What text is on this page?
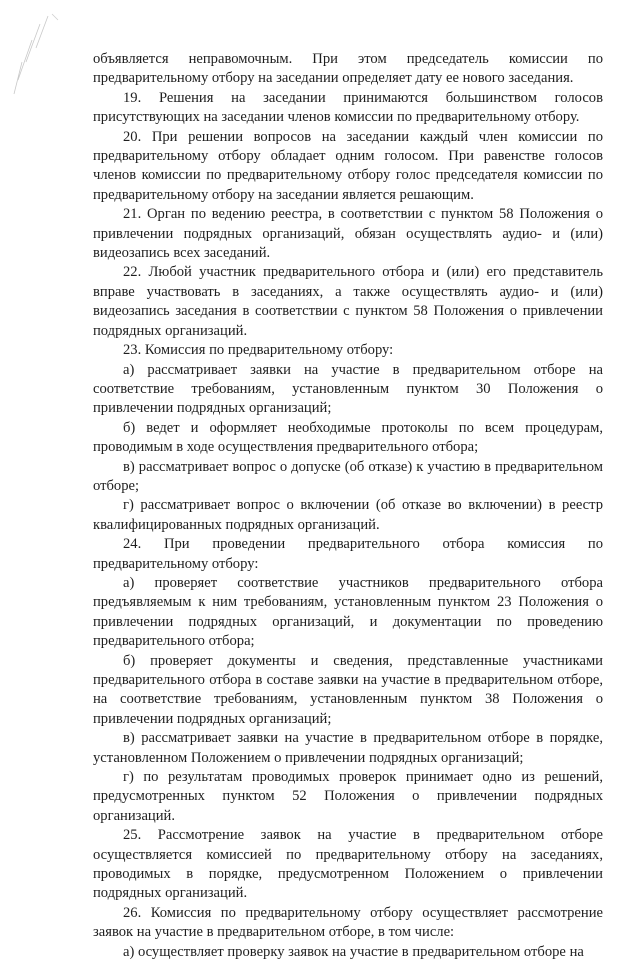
объявляется неправомочным. При этом председатель комиссии по предварительному отбору на заседании определяет дату ее нового заседания.

19. Решения на заседании принимаются большинством голосов присутствующих на заседании членов комиссии по предварительному отбору.

20. При решении вопросов на заседании каждый член комиссии по предварительному отбору обладает одним голосом. При равенстве голосов членов комиссии по предварительному отбору голос председателя комиссии по предварительному отбору на заседании является решающим.

21. Орган по ведению реестра, в соответствии с пунктом 58 Положения о привлечении подрядных организаций, обязан осуществлять аудио- и (или) видеозапись всех заседаний.

22. Любой участник предварительного отбора и (или) его представитель вправе участвовать в заседаниях, а также осуществлять аудио- и (или) видеозапись заседания в соответствии с пунктом 58 Положения о привлечении подрядных организаций.

23. Комиссия по предварительному отбору:

а) рассматривает заявки на участие в предварительном отборе на соответствие требованиям, установленным пунктом 30 Положения о привлечении подрядных организаций;

б) ведет и оформляет необходимые протоколы по всем процедурам, проводимым в ходе осуществления предварительного отбора;

в) рассматривает вопрос о допуске (об отказе) к участию в предварительном отборе;

г) рассматривает вопрос о включении (об отказе во включении) в реестр квалифицированных подрядных организаций.

24. При проведении предварительного отбора комиссия по предварительному отбору:

а) проверяет соответствие участников предварительного отбора предъявляемым к ним требованиям, установленным пунктом 23 Положения о привлечении подрядных организаций, и документации по проведению предварительного отбора;

б) проверяет документы и сведения, представленные участниками предварительного отбора в составе заявки на участие в предварительном отборе, на соответствие требованиям, установленным пунктом 38 Положения о привлечении подрядных организаций;

в) рассматривает заявки на участие в предварительном отборе в порядке, установленном Положением о привлечении подрядных организаций;

г) по результатам проводимых проверок принимает одно из решений, предусмотренных пунктом 52 Положения о привлечении подрядных организаций.

25. Рассмотрение заявок на участие в предварительном отборе осуществляется комиссией по предварительному отбору на заседаниях, проводимых в порядке, предусмотренном Положением о привлечении подрядных организаций.

26. Комиссия по предварительному отбору осуществляет рассмотрение заявок на участие в предварительном отборе, в том числе:

а) осуществляет проверку заявок на участие в предварительном отборе на
